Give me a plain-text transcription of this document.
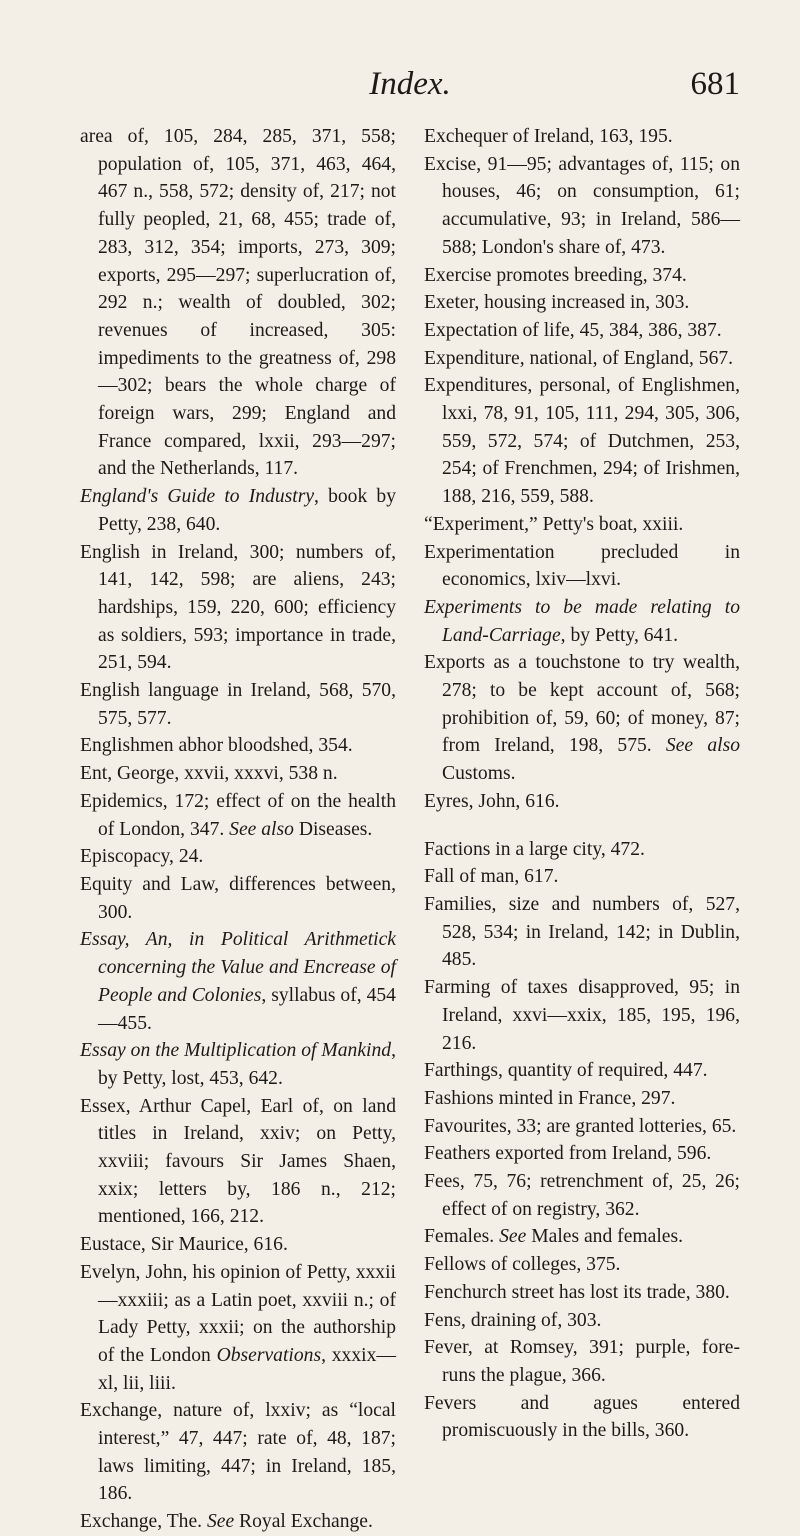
Index.	681
area of, 105, 284, 285, 371, 558; population of, 105, 371, 463, 464, 467 n., 558, 572; density of, 217; not fully peopled, 21, 68, 455; trade of, 283, 312, 354; imports, 273, 309; exports, 295—297; superlucration of, 292 n.; wealth of doubled, 302; revenues of increased, 305: impediments to the greatness of, 298—302; bears the whole charge of foreign wars, 299; England and France compared, lxxii, 293—297; and the Netherlands, 117.
England's Guide to Industry, book by Petty, 238, 640.
English in Ireland, 300; numbers of, 141, 142, 598; are aliens, 243; hardships, 159, 220, 600; efficiency as soldiers, 593; importance in trade, 251, 594.
English language in Ireland, 568, 570, 575, 577.
Englishmen abhor bloodshed, 354.
Ent, George, xxvii, xxxvi, 538 n.
Epidemics, 172; effect of on the health of London, 347. See also Diseases.
Episcopacy, 24.
Equity and Law, differences between, 300.
Essay, An, in Political Arithmetick concerning the Value and Encrease of People and Colonies, syllabus of, 454—455.
Essay on the Multiplication of Mankind, by Petty, lost, 453, 642.
Essex, Arthur Capel, Earl of, on land titles in Ireland, xxiv; on Petty, xxviii; favours Sir James Shaen, xxix; letters by, 186 n., 212; mentioned, 166, 212.
Eustace, Sir Maurice, 616.
Evelyn, John, his opinion of Petty, xxxii—xxxiii; as a Latin poet, xxviii n.; of Lady Petty, xxxii; on the authorship of the London Observations, xxxix—xl, lii, liii.
Exchange, nature of, lxxiv; as “local interest,” 47, 447; rate of, 48, 187; laws limiting, 447; in Ireland, 185, 186.
Exchange, The. See Royal Exchange.
Exchequer of Ireland, 163, 195.
Excise, 91—95; advantages of, 115; on houses, 46; on consumption, 61; accumulative, 93; in Ireland, 586—588; London's share of, 473.
Exercise promotes breeding, 374.
Exeter, housing increased in, 303.
Expectation of life, 45, 384, 386, 387.
Expenditure, national, of England, 567.
Expenditures, personal, of Englishmen, lxxi, 78, 91, 105, 111, 294, 305, 306, 559, 572, 574; of Dutchmen, 253, 254; of Frenchmen, 294; of Irishmen, 188, 216, 559, 588.
“Experiment,” Petty's boat, xxiii.
Experimentation precluded in economics, lxiv—lxvi.
Experiments to be made relating to Land-Carriage, by Petty, 641.
Exports as a touchstone to try wealth, 278; to be kept account of, 568; prohibition of, 59, 60; of money, 87; from Ireland, 198, 575. See also Customs.
Eyres, John, 616.
Factions in a large city, 472.
Fall of man, 617.
Families, size and numbers of, 527, 528, 534; in Ireland, 142; in Dublin, 485.
Farming of taxes disapproved, 95; in Ireland, xxvi—xxix, 185, 195, 196, 216.
Farthings, quantity of required, 447.
Fashions minted in France, 297.
Favourites, 33; are granted lotteries, 65.
Feathers exported from Ireland, 596.
Fees, 75, 76; retrenchment of, 25, 26; effect of on registry, 362.
Females. See Males and females.
Fellows of colleges, 375.
Fenchurch street has lost its trade, 380.
Fens, draining of, 303.
Fever, at Romsey, 391; purple, fore-runs the plague, 366.
Fevers and agues entered promiscuously in the bills, 360.
